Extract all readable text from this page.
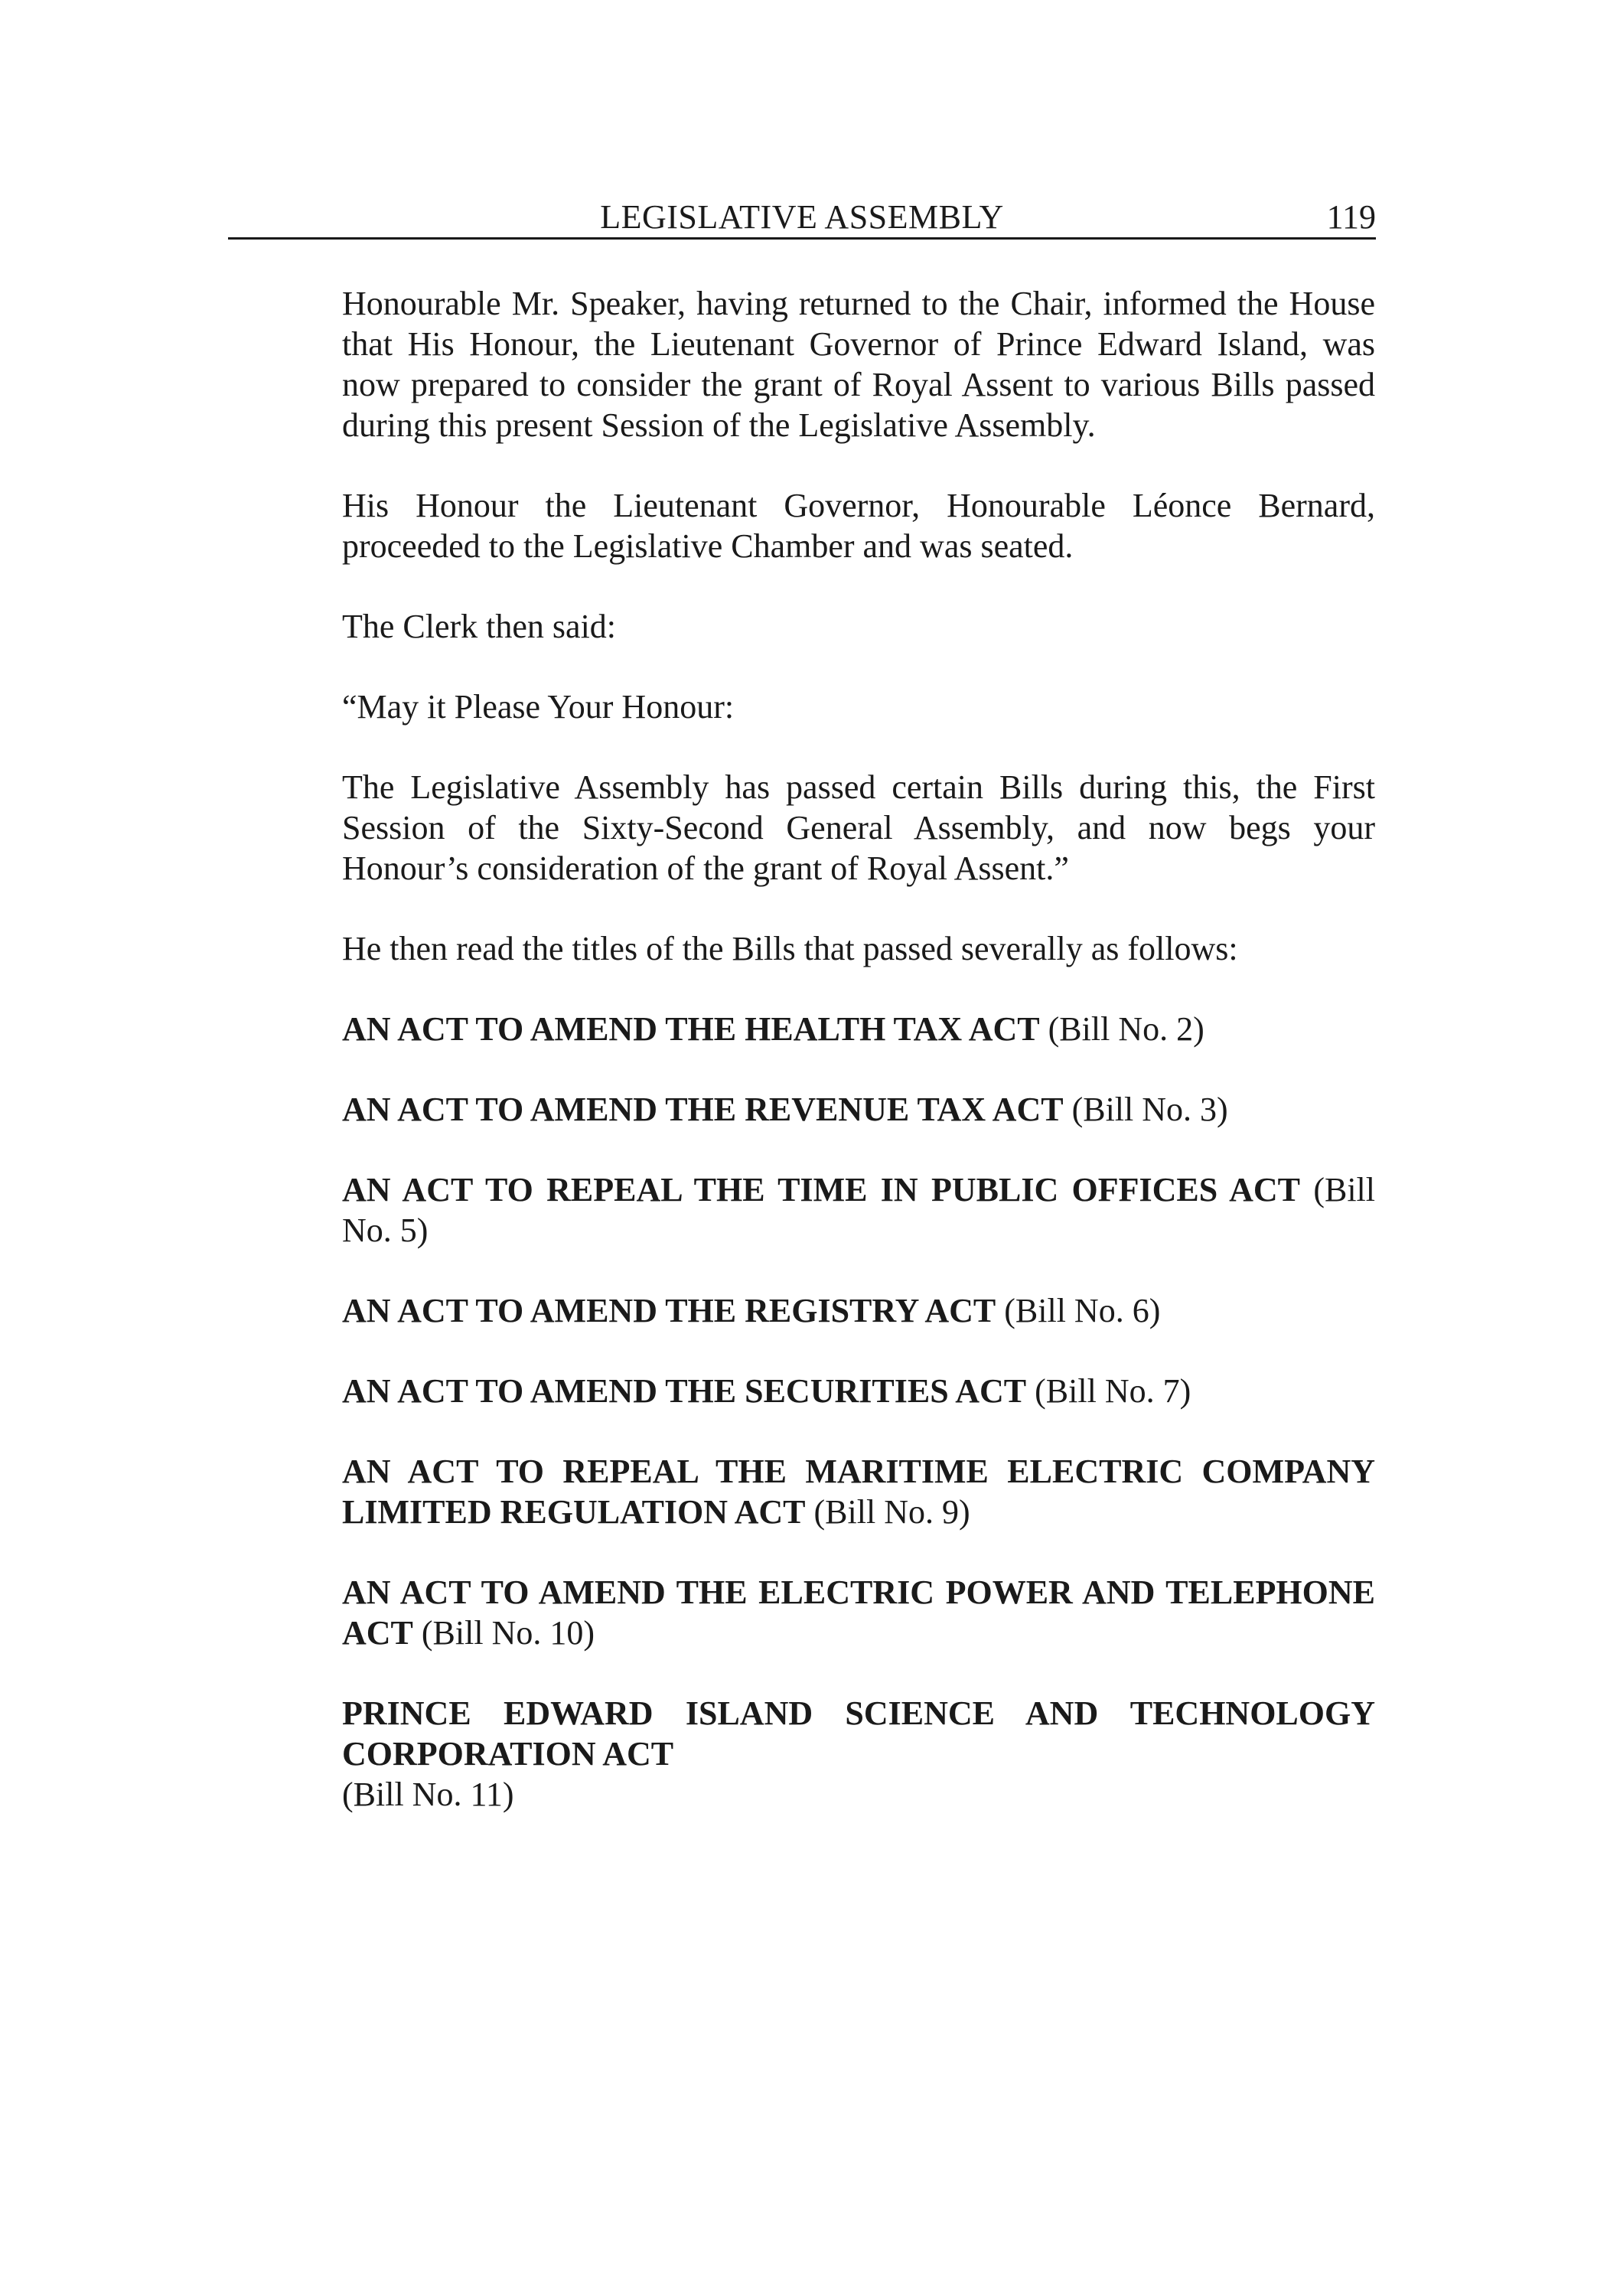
LEGISLATIVE ASSEMBLY	119

Honourable Mr. Speaker, having returned to the Chair, informed the House that His Honour, the Lieutenant Governor of Prince Edward Island, was now prepared to consider the grant of Royal Assent to various Bills passed during this present Session of the Legislative Assembly.

His Honour the Lieutenant Governor, Honourable Léonce Bernard, proceeded to the Legislative Chamber and was seated.

The Clerk then said:

“May it Please Your Honour:

The Legislative Assembly has passed certain Bills during this, the First Session of the Sixty-Second General Assembly, and now begs your Honour’s consideration of the grant of Royal Assent.”

He then read the titles of the Bills that passed severally as follows:

AN ACT TO AMEND THE HEALTH TAX ACT (Bill No. 2)

AN ACT TO AMEND THE REVENUE TAX ACT (Bill No. 3)

AN ACT TO REPEAL THE TIME IN PUBLIC OFFICES ACT (Bill No. 5)

AN ACT TO AMEND THE REGISTRY ACT (Bill No. 6)

AN ACT TO AMEND THE SECURITIES ACT (Bill No. 7)

AN ACT TO REPEAL THE MARITIME ELECTRIC COMPANY LIMITED REGULATION ACT (Bill No. 9)

AN ACT TO AMEND THE ELECTRIC POWER AND TELEPHONE ACT (Bill No. 10)

PRINCE EDWARD ISLAND SCIENCE AND TECHNOLOGY CORPORATION ACT
(Bill No. 11)
